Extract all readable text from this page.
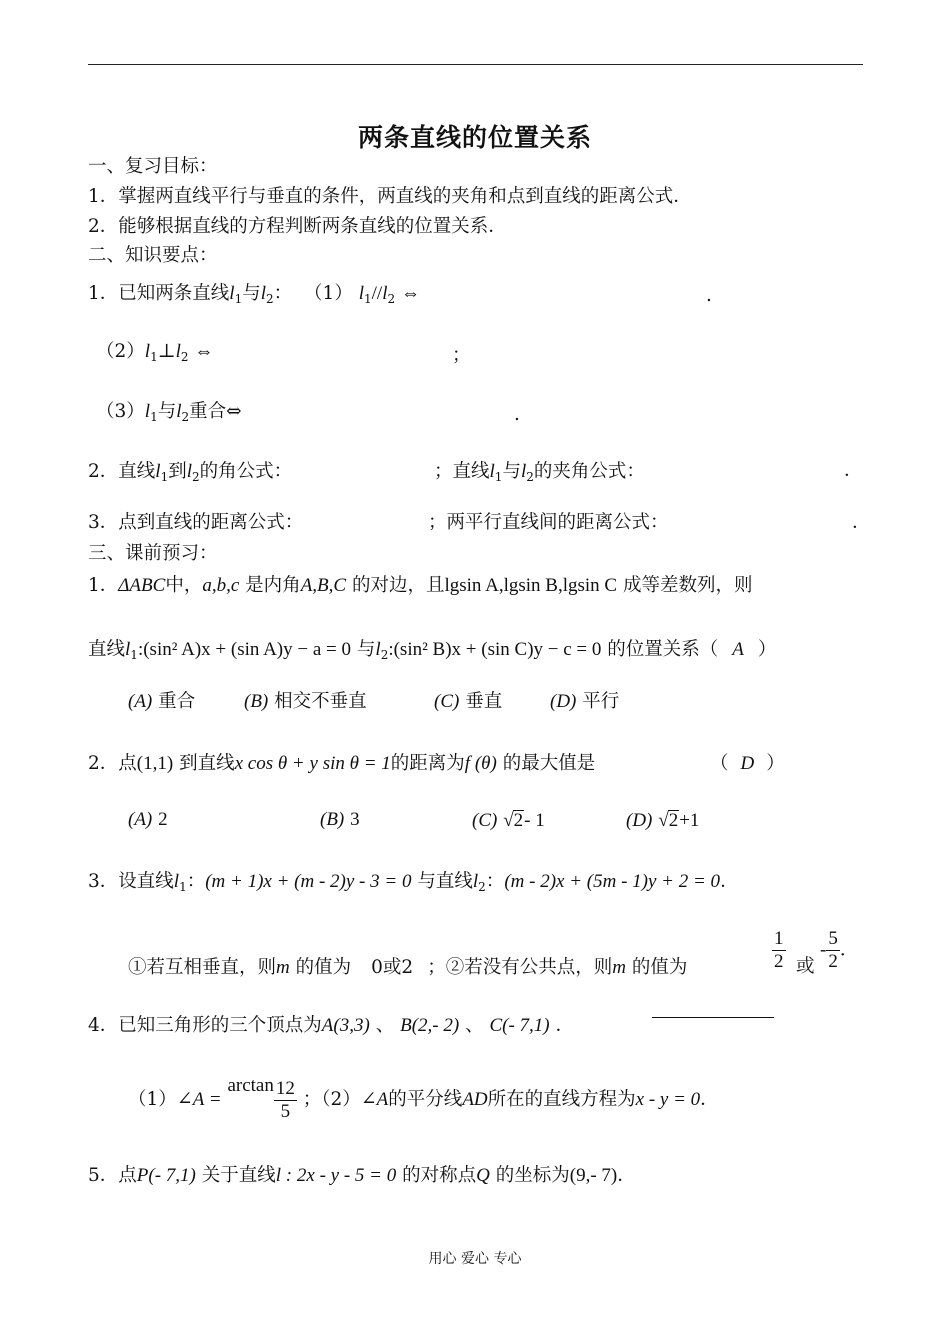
两条直线的位置关系
一、复习目标：
1．掌握两直线平行与垂直的条件，两直线的夹角和点到直线的距离公式．
2．能够根据直线的方程判断两条直线的位置关系．
二、知识要点：
1．已知两条直线$l_1$与$l_2$： （1） $l_1//l_2$ ⇔	.
$(2)l_1\perp l_2$ ⇔	；
$(3)l_1$与$l_2$重合⇔	.
2．直线$l_1$到$l_2$的角公式：	；直线$l_1$与$l_2$的夹角公式：	．
3．点到直线的距离公式：	；两平行直线间的距离公式：	．
三、课前预习：
1．ΔABC中，a,b,c 是内角A,B,C 的对边，且lgsin A,lgsin B,lgsin C 成等差数列，则
直线$l_1:(\sin^2$ A)x + (sin A)y − a = 0 与$l_2:(\sin^2$ B)x + (sin C)y − c = 0 的位置关系（ A ）
(A) 重合	(B) 相交不垂直	(C) 垂直	(D) 平行
2．点(1,1) 到直线x cos θ + y sin θ = 1的距离为f (θ) 的最大值是	（ D ）
(A) 2	(B) 3	(C) √2- 1	(D) √2+1
3．设直线$l_1$：(m + 1)x + (m - 2)y - 3 = 0 与直线$l_2$：(m - 2)x + (5m - 1)y + 2 = 0．
①若互相垂直，则m 的值为 0或2 ；②若没有公共点，则m 的值为	$\frac{1}{2}$ 或
- $\frac{5}{2}$ ．
4．已知三角形的三个顶点为A(3,3) 、 B(2,- 2) 、 C(- 7,1) ．
（1）∠A = $\arctan \frac{12}{5}$ ；（2）∠A的平分线AD所在的直线方程为x - y = 0．
5．点P(- 7,1) 关于直线l : 2x - y - 5 = 0 的对称点Q 的坐标为(9,- 7)．
用心 爱心 专心
